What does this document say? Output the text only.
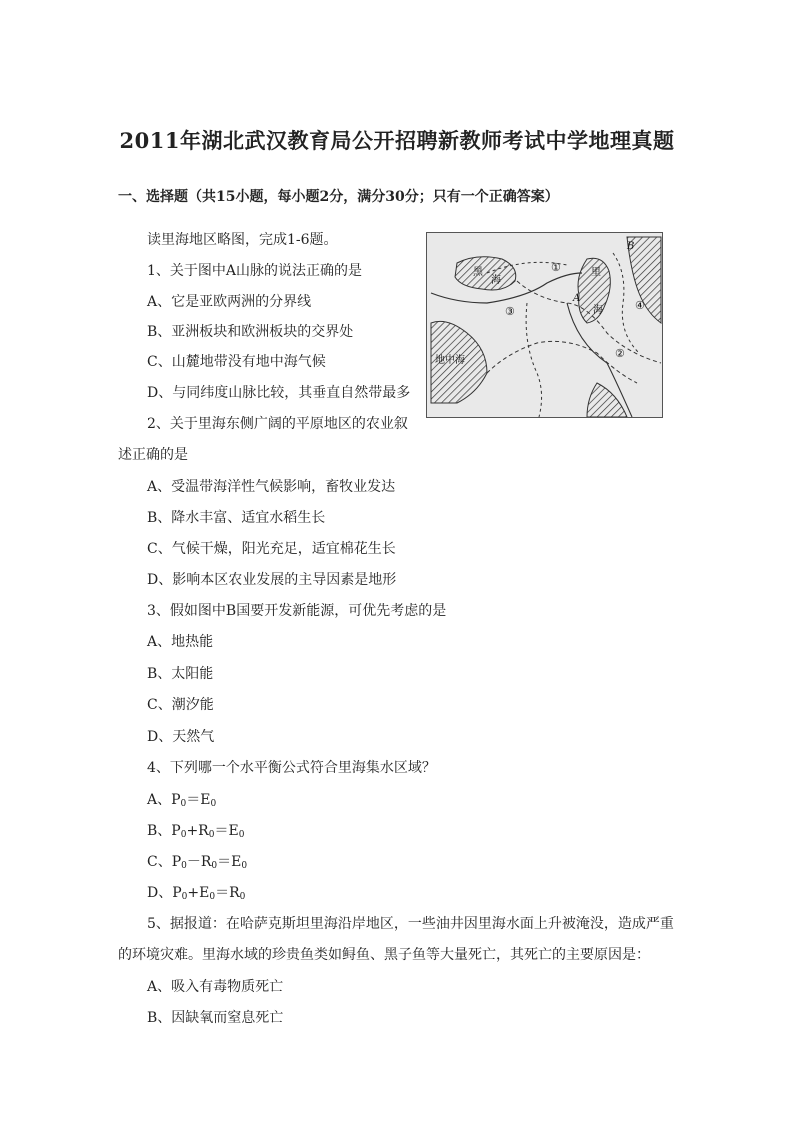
2011年湖北武汉教育局公开招聘新教师考试中学地理真题
一、选择题（共15小题，每小题2分，满分30分；只有一个正确答案）
读里海地区略图，完成1-6题。
黑
海
里
海
地中海
A
B
①
②
③	④
1、关于图中A山脉的说法正确的是
A、它是亚欧两洲的分界线
B、亚洲板块和欧洲板块的交界处
C、山麓地带没有地中海气候
D、与同纬度山脉比较，其垂直自然带最多
2、关于里海东侧广阔的平原地区的农业叙
述正确的是
A、受温带海洋性气候影响，畜牧业发达
B、降水丰富、适宜水稻生长
C、气候干燥，阳光充足，适宜棉花生长
D、影响本区农业发展的主导因素是地形
3、假如图中B国要开发新能源，可优先考虑的是
A、地热能
B、太阳能
C、潮汐能
D、天然气
4、下列哪一个水平衡公式符合里海集水区域？
A、$P_0=E_0$
B、$P_0+R_0=E_0$
C、$P_0-R_0=E_0$
D、$P_0+E_0=R_0$
5、据报道：在哈萨克斯坦里海沿岸地区，一些油井因里海水面上升被淹没，造成严重
的环境灾难。里海水域的珍贵鱼类如鲟鱼、黑子鱼等大量死亡，其死亡的主要原因是：
A、吸入有毒物质死亡
B、因缺氧而窒息死亡
